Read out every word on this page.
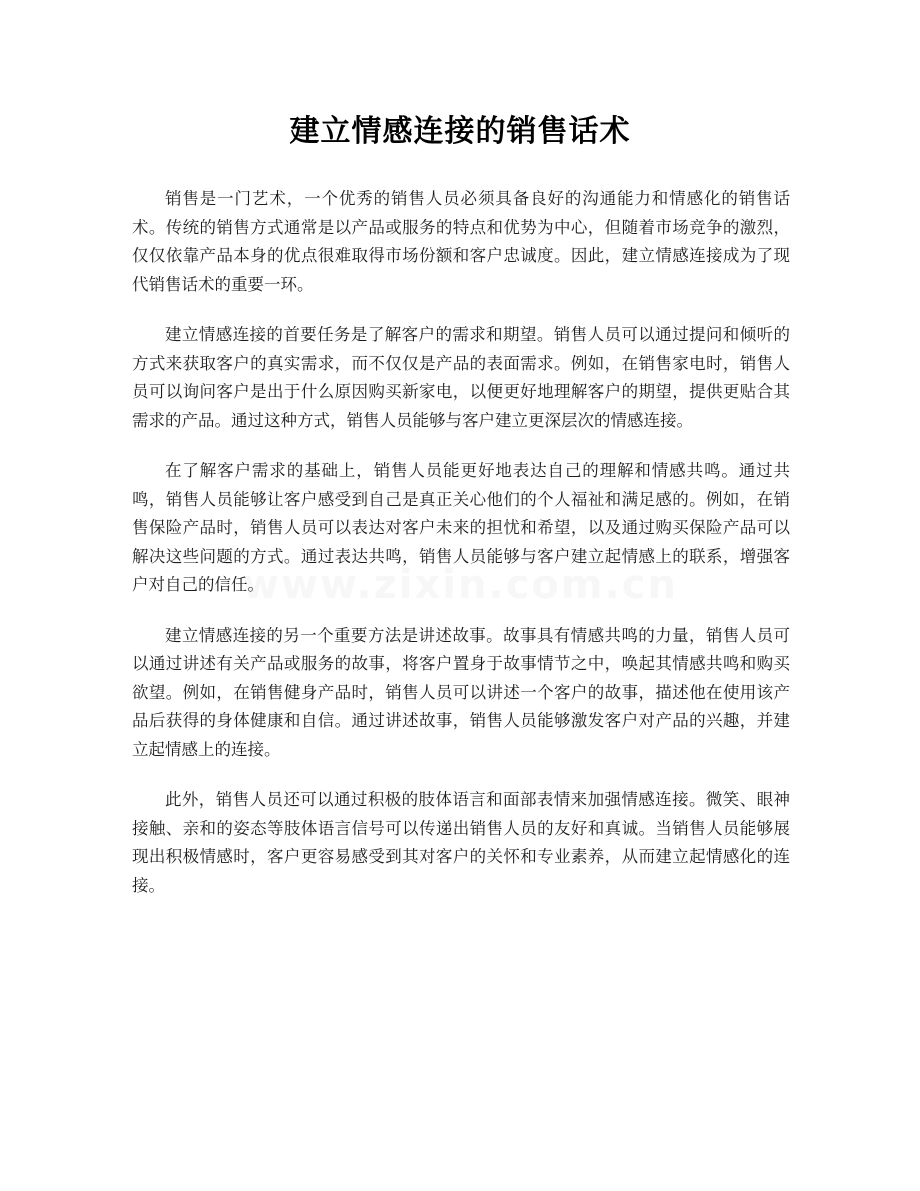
建立情感连接的销售话术
www.zixin.com.cn

销售是一门艺术，一个优秀的销售人员必须具备良好的沟通能力和情感化的销售话术。传统的销售方式通常是以产品或服务的特点和优势为中心，但随着市场竞争的激烈，仅仅依靠产品本身的优点很难取得市场份额和客户忠诚度。因此，建立情感连接成为了现代销售话术的重要一环。

建立情感连接的首要任务是了解客户的需求和期望。销售人员可以通过提问和倾听的方式来获取客户的真实需求，而不仅仅是产品的表面需求。例如，在销售家电时，销售人员可以询问客户是出于什么原因购买新家电，以便更好地理解客户的期望，提供更贴合其需求的产品。通过这种方式，销售人员能够与客户建立更深层次的情感连接。

在了解客户需求的基础上，销售人员能更好地表达自己的理解和情感共鸣。通过共鸣，销售人员能够让客户感受到自己是真正关心他们的个人福祉和满足感的。例如，在销售保险产品时，销售人员可以表达对客户未来的担忧和希望，以及通过购买保险产品可以解决这些问题的方式。通过表达共鸣，销售人员能够与客户建立起情感上的联系，增强客户对自己的信任。

建立情感连接的另一个重要方法是讲述故事。故事具有情感共鸣的力量，销售人员可以通过讲述有关产品或服务的故事，将客户置身于故事情节之中，唤起其情感共鸣和购买欲望。例如，在销售健身产品时，销售人员可以讲述一个客户的故事，描述他在使用该产品后获得的身体健康和自信。通过讲述故事，销售人员能够激发客户对产品的兴趣，并建立起情感上的连接。

此外，销售人员还可以通过积极的肢体语言和面部表情来加强情感连接。微笑、眼神接触、亲和的姿态等肢体语言信号可以传递出销售人员的友好和真诚。当销售人员能够展现出积极情感时，客户更容易感受到其对客户的关怀和专业素养，从而建立起情感化的连接。
